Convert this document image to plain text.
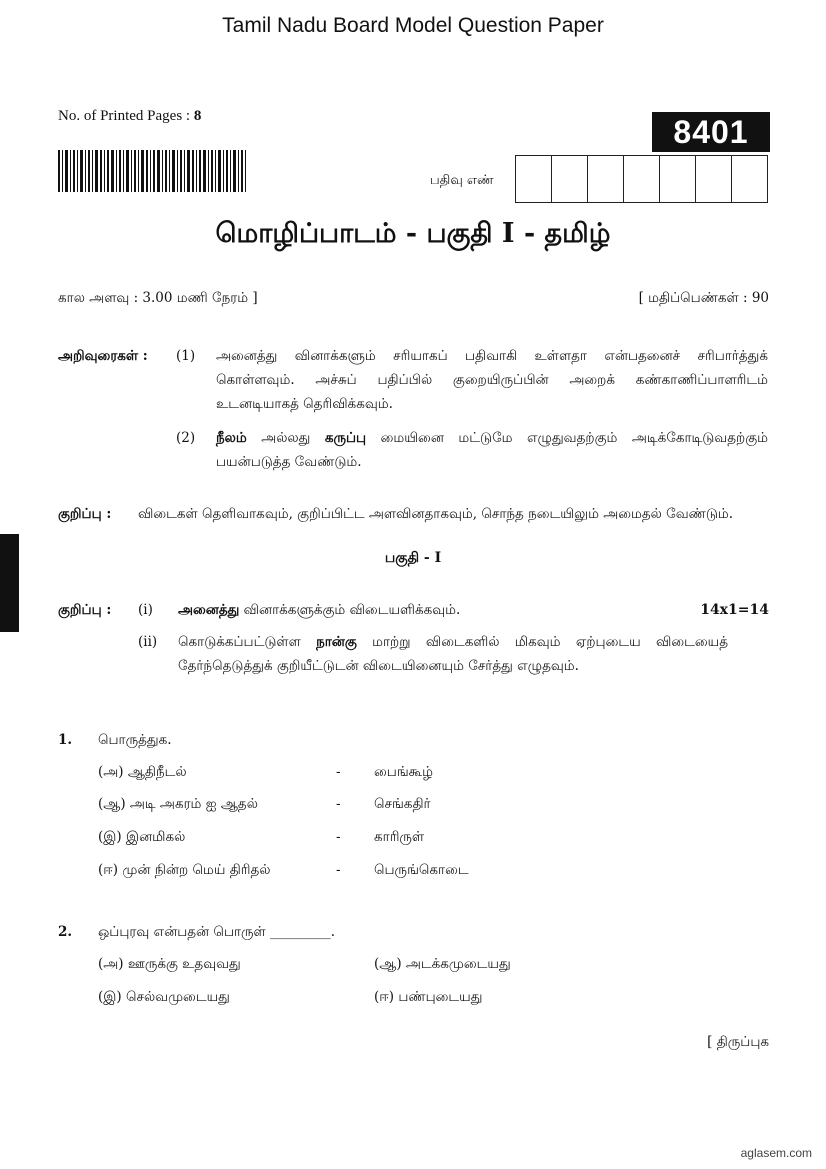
Tamil Nadu Board Model Question Paper
No. of Printed Pages : 8	8401
பதிவு எண்
மொழிப்பாடம் - பகுதி I - தமிழ்
கால அளவு : 3.00 மணி நேரம் ]	[ மதிப்பெண்கள் : 90
அறிவுரைகள் : (1) அனைத்து வினாக்களும் சரியாகப் பதிவாகி உள்ளதா என்பதனைச் சரிபார்த்துக் கொள்ளவும். அச்சுப் பதிப்பில் குறையிருப்பின் அறைக் கண்காணிப்பாளரிடம் உடனடியாகத் தெரிவிக்கவும்.
(2) நீலம் அல்லது கருப்பு மையினை மட்டுமே எழுதுவதற்கும் அடிக்கோடிடுவதற்கும் பயன்படுத்த வேண்டும்.
குறிப்பு : விடைகள் தெளிவாகவும், குறிப்பிட்ட அளவினதாகவும், சொந்த நடையிலும் அமைதல் வேண்டும்.
பகுதி - I
குறிப்பு : (i) அனைத்து வினாக்களுக்கும் விடையளிக்கவும்.	14x1=14
(ii) கொடுக்கப்பட்டுள்ள நான்கு மாற்று விடைகளில் மிகவும் ஏற்புடைய விடையைத் தேர்ந்தெடுத்துக் குறியீட்டுடன் விடையினையும் சேர்த்து எழுதவும்.
1. பொருத்துக.
(அ) ஆதிநீடல்	-	பைங்கூழ்
(ஆ) அடி அகரம் ஐ ஆதல்	-	செங்கதிர்
(இ) இனமிகல்	-	காரிருள்
(ஈ) முன் நின்ற மெய் திரிதல்	-	பெருங்கொடை
2. ஒப்புரவு என்பதன் பொருள் _________.
(அ) ஊருக்கு உதவுவது	(ஆ) அடக்கமுடையது
(இ) செல்வமுடையது	(ஈ) பண்புடையது
[ திருப்புக
aglasem.com
